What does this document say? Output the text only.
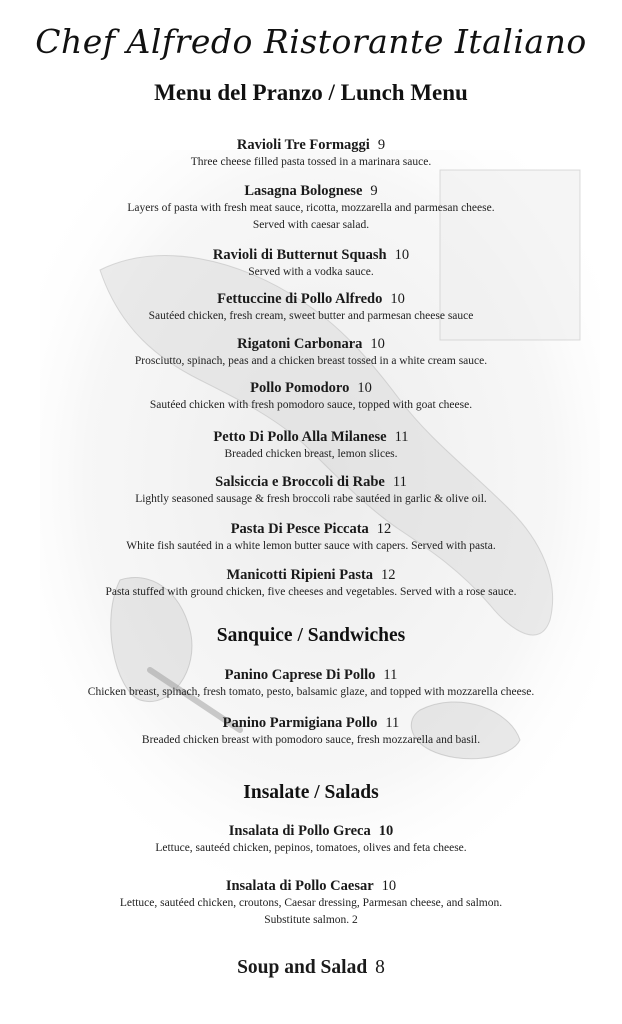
Chef Alfredo Ristorante Italiano
Menu del Pranzo / Lunch Menu
Ravioli Tre Formaggi 9
Three cheese filled pasta tossed in a marinara sauce.
Lasagna Bolognese 9
Layers of pasta with fresh meat sauce, ricotta, mozzarella and parmesan cheese.
Served with caesar salad.
Ravioli di Butternut Squash 10
Served with a vodka sauce.
Fettuccine di Pollo Alfredo 10
Sautéed chicken, fresh cream, sweet butter and parmesan cheese sauce
Rigatoni Carbonara 10
Prosciutto, spinach, peas and a chicken breast tossed in a white cream sauce.
Pollo Pomodoro 10
Sautéed chicken with fresh pomodoro sauce, topped with goat cheese.
Petto Di Pollo Alla Milanese 11
Breaded chicken breast, lemon slices.
Salsiccia e Broccoli di Rabe 11
Lightly seasoned sausage & fresh broccoli rabe sautéed in garlic & olive oil.
Pasta Di Pesce Piccata 12
White fish sautéed in a white lemon butter sauce with capers. Served with pasta.
Manicotti Ripieni Pasta 12
Pasta stuffed with ground chicken, five cheeses and vegetables. Served with a rose sauce.
Sanquice / Sandwiches
Panino Caprese Di Pollo 11
Chicken breast, spinach, fresh tomato, pesto, balsamic glaze, and topped with mozzarella cheese.
Panino Parmigiana Pollo 11
Breaded chicken breast with pomodoro sauce, fresh mozzarella and basil.
Insalate / Salads
Insalata di Pollo Greca 10
Lettuce, sauteéd chicken, pepinos, tomatoes, olives and feta cheese.
Insalata di Pollo Caesar 10
Lettuce, sautéed chicken, croutons, Caesar dressing, Parmesan cheese, and salmon.
Substitute salmon. 2
Soup and Salad 8
